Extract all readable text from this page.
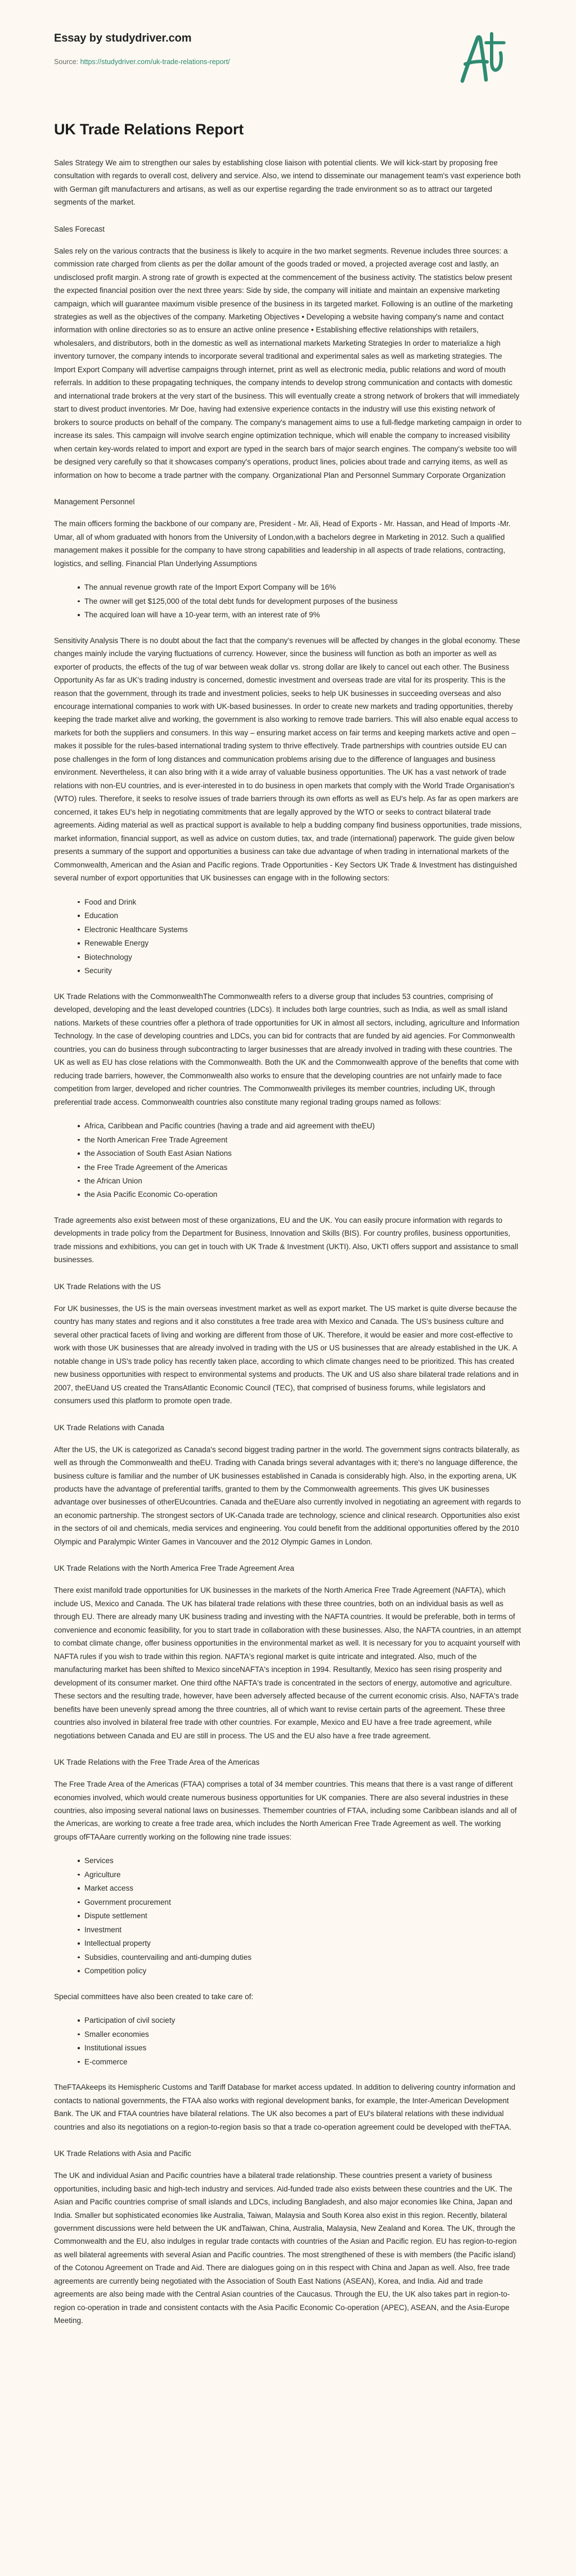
Essay by studydriver.com
Source: https://studydriver.com/uk-trade-relations-report/
UK Trade Relations Report

Sales Strategy We aim to strengthen our sales by establishing close liaison with potential clients. We will kick-start by proposing free consultation with regards to overall cost, delivery and service. Also, we intend to disseminate our management team's vast experience both with German gift manufacturers and artisans, as well as our expertise regarding the trade environment so as to attract our targeted segments of the market.

Sales Forecast

Sales rely on the various contracts that the business is likely to acquire in the two market segments. Revenue includes three sources: a commission rate charged from clients as per the dollar amount of the goods traded or moved, a projected average cost and lastly, an undisclosed profit margin. A strong rate of growth is expected at the commencement of the business activity. The statistics below present the expected financial position over the next three years: Side by side, the company will initiate and maintain an expensive marketing campaign, which will guarantee maximum visible presence of the business in its targeted market. Following is an outline of the marketing strategies as well as the objectives of the company. Marketing Objectives • Developing a website having company's name and contact information with online directories so as to ensure an active online presence • Establishing effective relationships with retailers, wholesalers, and distributors, both in the domestic as well as international markets Marketing Strategies In order to materialize a high inventory turnover, the company intends to incorporate several traditional and experimental sales as well as marketing strategies. The Import Export Company will advertise campaigns through internet, print as well as electronic media, public relations and word of mouth referrals. In addition to these propagating techniques, the company intends to develop strong communication and contacts with domestic and international trade brokers at the very start of the business. This will eventually create a strong network of brokers that will immediately start to divest product inventories. Mr Doe, having had extensive experience contacts in the industry will use this existing network of brokers to source products on behalf of the company. The company's management aims to use a full-fledge marketing campaign in order to increase its sales. This campaign will involve search engine optimization technique, which will enable the company to increased visibility when certain key-words related to import and export are typed in the search bars of major search engines. The company's website too will be designed very carefully so that it showcases company's operations, product lines, policies about trade and carrying items, as well as information on how to become a trade partner with the company. Organizational Plan and Personnel Summary Corporate Organization

Management Personnel

The main officers forming the backbone of our company are, President - Mr. Ali, Head of Exports - Mr. Hassan, and Head of Imports -Mr. Umar, all of whom graduated with honors from the University of London,with a bachelors degree in Marketing in 2012. Such a qualified management makes it possible for the company to have strong capabilities and leadership in all aspects of trade relations, contracting, logistics, and selling. Financial Plan Underlying Assumptions

The annual revenue growth rate of the Import Export Company will be 16%
The owner will get $125,000 of the total debt funds for development purposes of the business
The acquired loan will have a 10-year term, with an interest rate of 9%

Sensitivity Analysis There is no doubt about the fact that the company's revenues will be affected by changes in the global economy. These changes mainly include the varying fluctuations of currency. However, since the business will function as both an importer as well as exporter of products, the effects of the tug of war between weak dollar vs. strong dollar are likely to cancel out each other. The Business Opportunity As far as UK's trading industry is concerned, domestic investment and overseas trade are vital for its prosperity. This is the reason that the government, through its trade and investment policies, seeks to help UK businesses in succeeding overseas and also encourage international companies to work with UK-based businesses. In order to create new markets and trading opportunities, thereby keeping the trade market alive and working, the government is also working to remove trade barriers. This will also enable equal access to markets for both the suppliers and consumers. In this way – ensuring market access on fair terms and keeping markets active and open – makes it possible for the rules-based international trading system to thrive effectively. Trade partnerships with countries outside EU can pose challenges in the form of long distances and communication problems arising due to the difference of languages and business environment. Nevertheless, it can also bring with it a wide array of valuable business opportunities. The UK has a vast network of trade relations with non-EU countries, and is ever-interested in to do business in open markets that comply with the World Trade Organisation's (WTO) rules. Therefore, it seeks to resolve issues of trade barriers through its own efforts as well as EU's help. As far as open markers are concerned, it takes EU's help in negotiating commitments that are legally approved by the WTO or seeks to contract bilateral trade agreements. Aiding material as well as practical support is available to help a budding company find business opportunities, trade missions, market information, financial support, as well as advice on custom duties, tax, and trade (international) paperwork. The guide given below presents a summary of the support and opportunities a business can take due advantage of when trading in international markets of the Commonwealth, American and the Asian and Pacific regions. Trade Opportunities - Key Sectors UK Trade & Investment has distinguished several number of export opportunities that UK businesses can engage with in the following sectors:

Food and Drink
Education
Electronic Healthcare Systems
Renewable Energy
Biotechnology
Security

UK Trade Relations with the CommonwealthThe Commonwealth refers to a diverse group that includes 53 countries, comprising of developed, developing and the least developed countries (LDCs). It includes both large countries, such as India, as well as small island nations. Markets of these countries offer a plethora of trade opportunities for UK in almost all sectors, including, agriculture and Information Technology. In the case of developing countries and LDCs, you can bid for contracts that are funded by aid agencies. For Commonwealth countries, you can do business through subcontracting to larger businesses that are already involved in trading with these countries. The UK as well as EU has close relations with the Commonwealth. Both the UK and the Commonwealth approve of the benefits that come with reducing trade barriers, however, the Commonwealth also works to ensure that the developing countries are not unfairly made to face competition from larger, developed and richer countries. The Commonwealth privileges its member countries, including UK, through preferential trade access. Commonwealth countries also constitute many regional trading groups named as follows:

Africa, Caribbean and Pacific countries (having a trade and aid agreement with theEU)
the North American Free Trade Agreement
the Association of South East Asian Nations
the Free Trade Agreement of the Americas
the African Union
the Asia Pacific Economic Co-operation

Trade agreements also exist between most of these organizations, EU and the UK. You can easily procure information with regards to developments in trade policy from the Department for Business, Innovation and Skills (BIS). For country profiles, business opportunities, trade missions and exhibitions, you can get in touch with UK Trade & Investment (UKTI). Also, UKTI offers support and assistance to small businesses.

UK Trade Relations with the US

For UK businesses, the US is the main overseas investment market as well as export market. The US market is quite diverse because the country has many states and regions and it also constitutes a free trade area with Mexico and Canada. The US's business culture and several other practical facets of living and working are different from those of UK. Therefore, it would be easier and more cost-effective to work with those UK businesses that are already involved in trading with the US or US businesses that are already established in the UK. A notable change in US's trade policy has recently taken place, according to which climate changes need to be prioritized. This has created new business opportunities with respect to environmental systems and products. The UK and US also share bilateral trade relations and in 2007, theEUand US created the TransAtlantic Economic Council (TEC), that comprised of business forums, while legislators and consumers used this platform to promote open trade.

UK Trade Relations with Canada

After the US, the UK is categorized as Canada's second biggest trading partner in the world. The government signs contracts bilaterally, as well as through the Commonwealth and theEU. Trading with Canada brings several advantages with it; there's no language difference, the business culture is familiar and the number of UK businesses established in Canada is considerably high. Also, in the exporting arena, UK products have the advantage of preferential tariffs, granted to them by the Commonwealth agreements. This gives UK businesses advantage over businesses of otherEUcountries. Canada and theEUare also currently involved in negotiating an agreement with regards to an economic partnership. The strongest sectors of UK-Canada trade are technology, science and clinical research. Opportunities also exist in the sectors of oil and chemicals, media services and engineering. You could benefit from the additional opportunities offered by the 2010 Olympic and Paralympic Winter Games in Vancouver and the 2012 Olympic Games in London.

UK Trade Relations with the North America Free Trade Agreement Area

There exist manifold trade opportunities for UK businesses in the markets of the North America Free Trade Agreement (NAFTA), which include US, Mexico and Canada. The UK has bilateral trade relations with these three countries, both on an individual basis as well as through EU. There are already many UK business trading and investing with the NAFTA countries. It would be preferable, both in terms of convenience and economic feasibility, for you to start trade in collaboration with these businesses. Also, the NAFTA countries, in an attempt to combat climate change, offer business opportunities in the environmental market as well. It is necessary for you to acquaint yourself with NAFTA rules if you wish to trade within this region. NAFTA's regional market is quite intricate and integrated. Also, much of the manufacturing market has been shifted to Mexico sinceNAFTA's inception in 1994. Resultantly, Mexico has seen rising prosperity and development of its consumer market. One third ofthe NAFTA's trade is concentrated in the sectors of energy, automotive and agriculture. These sectors and the resulting trade, however, have been adversely affected because of the current economic crisis. Also, NAFTA's trade benefits have been unevenly spread among the three countries, all of which want to revise certain parts of the agreement. These three countries also involved in bilateral free trade with other countries. For example, Mexico and EU have a free trade agreement, while negotiations between Canada and EU are still in process. The US and the EU also have a free trade agreement.

UK Trade Relations with the Free Trade Area of the Americas

The Free Trade Area of the Americas (FTAA) comprises a total of 34 member countries. This means that there is a vast range of different economies involved, which would create numerous business opportunities for UK companies. There are also several industries in these countries, also imposing several national laws on businesses. Themember countries of FTAA, including some Caribbean islands and all of the Americas, are working to create a free trade area, which includes the North American Free Trade Agreement as well. The working groups ofFTAAare currently working on the following nine trade issues:

Services
Agriculture
Market access
Government procurement
Dispute settlement
Investment
Intellectual property
Subsidies, countervailing and anti-dumping duties
Competition policy

Special committees have also been created to take care of:

Participation of civil society
Smaller economies
Institutional issues
E-commerce

TheFTAAkeeps its Hemispheric Customs and Tariff Database for market access updated. In addition to delivering country information and contacts to national governments, the FTAA also works with regional development banks, for example, the Inter-American Development Bank. The UK and FTAA countries have bilateral relations. The UK also becomes a part of EU's bilateral relations with these individual countries and also its negotiations on a region-to-region basis so that a trade co-operation agreement could be developed with theFTAA.

UK Trade Relations with Asia and Pacific

The UK and individual Asian and Pacific countries have a bilateral trade relationship. These countries present a variety of business opportunities, including basic and high-tech industry and services. Aid-funded trade also exists between these countries and the UK. The Asian and Pacific countries comprise of small islands and LDCs, including Bangladesh, and also major economies like China, Japan and India. Smaller but sophisticated economies like Australia, Taiwan, Malaysia and South Korea also exist in this region. Recently, bilateral government discussions were held between the UK andTaiwan, China, Australia, Malaysia, New Zealand and Korea. The UK, through the Commonwealth and the EU, also indulges in regular trade contacts with countries of the Asian and Pacific region. EU has region-to-region as well bilateral agreements with several Asian and Pacific countries. The most strengthened of these is with members (the Pacific island) of the Cotonou Agreement on Trade and Aid. There are dialogues going on in this respect with China and Japan as well. Also, free trade agreements are currently being negotiated with the Association of South East Nations (ASEAN), Korea, and India. Aid and trade agreements are also being made with the Central Asian countries of the Caucasus. Through the EU, the UK also takes part in region-to-region co-operation in trade and consistent contacts with the Asia Pacific Economic Co-operation (APEC), ASEAN, and the Asia-Europe Meeting.
